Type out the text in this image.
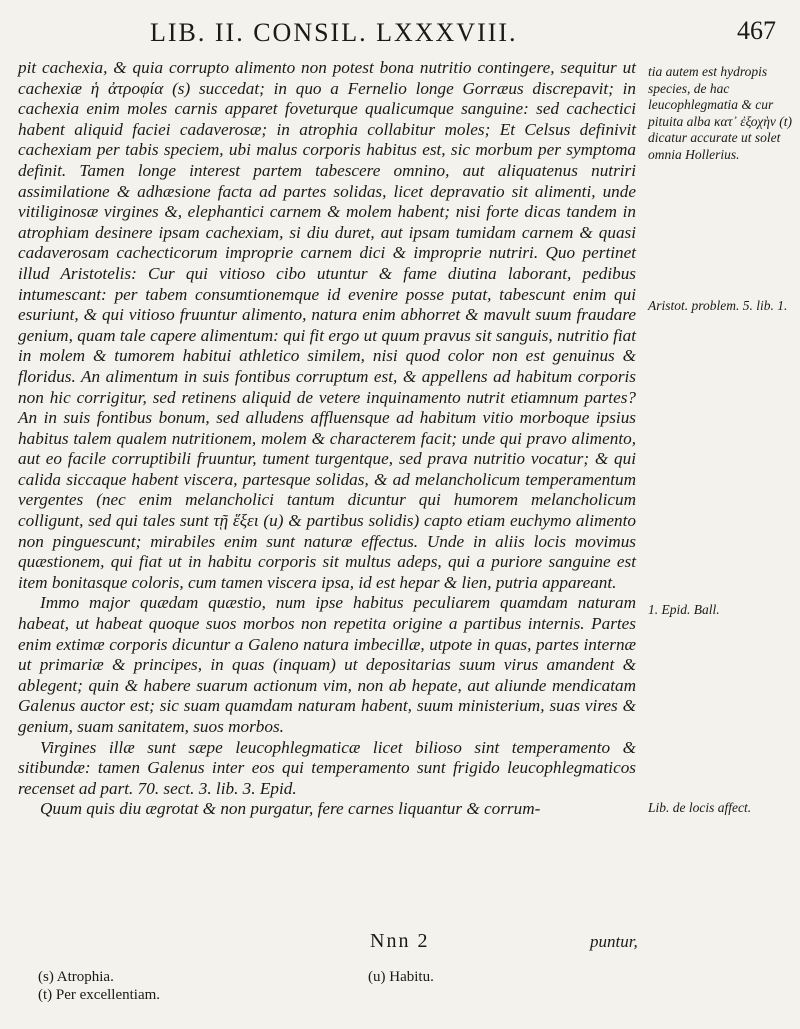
LIB. II. CONSIL. LXXXVIII.	467

pit cachexia, & quia corrupto alimento non potest bona nutritio contingere, sequitur ut cachexiæ ἡ ἀτροφία (s) succedat; in quo a Fernelio longe Gorræus discrepavit; in cachexia enim moles carnis apparet foveturque qualicumque sanguine: sed cachectici habent aliquid faciei cadaverosæ; in atrophia collabitur moles; Et Celsus definivit cachexiam per tabis speciem, ubi malus corporis habitus est, sic morbum per symptoma definit. Tamen longe interest partem tabescere omnino, aut aliquatenus nutriri assimilatione & adhæsione facta ad partes solidas, licet depravatio sit alimenti, unde vitiliginosæ virgines &, elephantici carnem & molem habent; nisi forte dicas tandem in atrophiam desinere ipsam cachexiam, si diu duret, aut ipsam tumidam carnem & quasi cadaverosam cachecticorum improprie carnem dici & improprie nutriri. Quo pertinet illud Aristotelis: Cur qui vitioso cibo utuntur & fame diutina laborant, pedibus intumescant: per tabem consumtionemque id evenire posse putat, tabescunt enim qui esuriunt, & qui vitioso fruuntur alimento, natura enim abhorret & mavult suum fraudare genium, quam tale capere alimentum: qui fit ergo ut quum pravus sit sanguis, nutritio fiat in molem & tumorem habitui athletico similem, nisi quod color non est genuinus & floridus. An alimentum in suis fontibus corruptum est, & appellens ad habitum corporis non hic corrigitur, sed retinens aliquid de vetere inquinamento nutrit etiamnum partes? An in suis fontibus bonum, sed alludens affluensque ad habitum vitio morboque ipsius habitus talem qualem nutritionem, molem & characterem facit; unde qui pravo alimento, aut eo facile corruptibili fruuntur, tument turgentque, sed prava nutritio vocatur; & qui calida siccaque habent viscera, partesque solidas, & ad melancholicum temperamentum vergentes (nec enim melancholici tantum dicuntur qui humorem melancholicum colligunt, sed qui tales sunt τῇ ἕξει (u) & partibus solidis) capto etiam euchymo alimento non pinguescunt; mirabiles enim sunt naturæ effectus. Unde in aliis locis movimus quæstionem, qui fiat ut in habitu corporis sit multus adeps, qui a puriore sanguine est item bonitasque coloris, cum tamen viscera ipsa, id est hepar & lien, putria appareant.

Immo major quædam quæstio, num ipse habitus peculiarem quamdam naturam habeat, ut habeat quoque suos morbos non repetita origine a partibus internis. Partes enim extimæ corporis dicuntur a Galeno natura imbecillæ, utpote in quas, partes internæ ut primariæ & principes, in quas (inquam) ut depositarias suum virus amandent & ablegent; quin & habere suarum actionum vim, non ab hepate, aut aliunde mendicatam Galenus auctor est; sic suam quamdam naturam habent, suum ministerium, suas vires & genium, suam sanitatem, suos morbos.

Virgines illæ sunt sæpe leucophlegmaticæ licet bilioso sint temperamento & sitibundæ: tamen Galenus inter eos qui temperamento sunt frigido leucophlegmaticos recenset ad part. 70. sect. 3. lib. 3. Epid.

Quum quis diu ægrotat & non purgatur, fere carnes liquantur & corrum-

tia autem est hydropis species, de hac leucophlegmatia & cur pituita alba κατ᾽ ἐξοχὴν (t) dicatur accurate ut solet omnia Hollerius.
Aristot. problem. 5. lib. 1.
1. Epid. Ball.
Lib. de locis affect.
Nnn 2	puntur,
(s) Atrophia.
(t) Per excellentiam.
(u) Habitu.
